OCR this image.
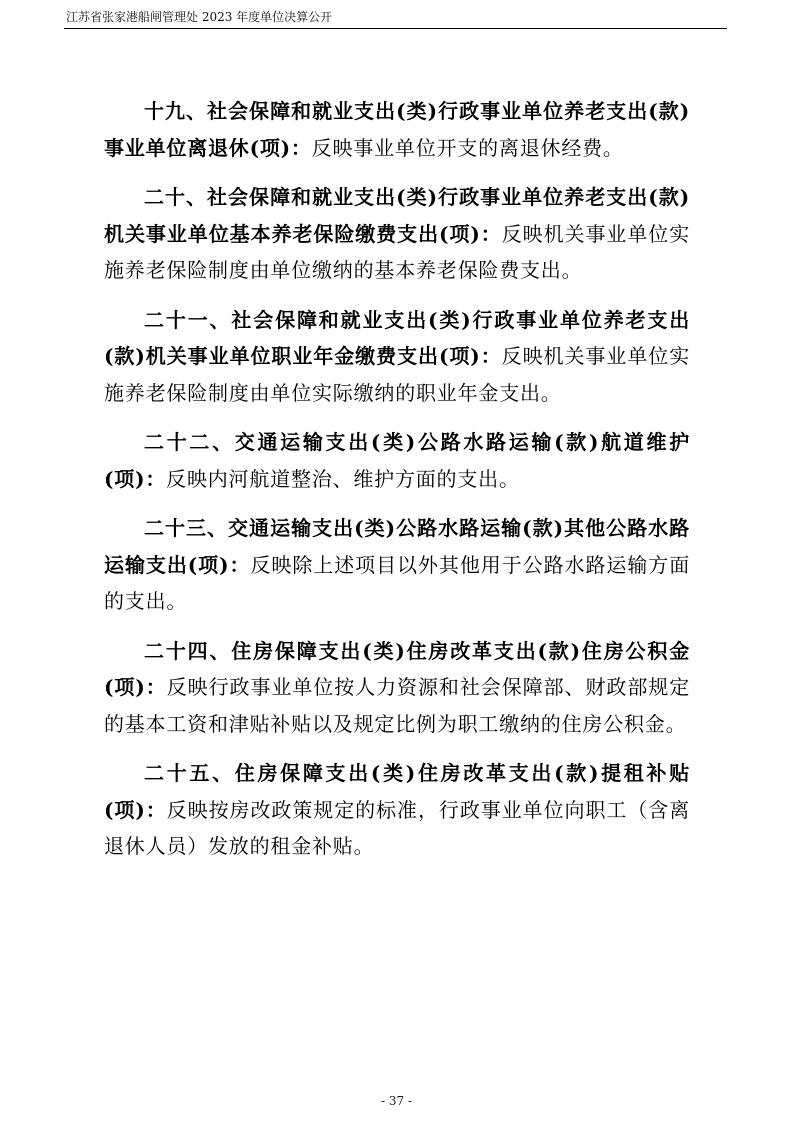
江苏省张家港船闸管理处 2023 年度单位决算公开

十九、社会保障和就业支出(类)行政事业单位养老支出(款)事业单位离退休(项)：反映事业单位开支的离退休经费。

二十、社会保障和就业支出(类)行政事业单位养老支出(款)机关事业单位基本养老保险缴费支出(项)：反映机关事业单位实施养老保险制度由单位缴纳的基本养老保险费支出。

二十一、社会保障和就业支出(类)行政事业单位养老支出(款)机关事业单位职业年金缴费支出(项)：反映机关事业单位实施养老保险制度由单位实际缴纳的职业年金支出。

二十二、交通运输支出(类)公路水路运输(款)航道维护(项)：反映内河航道整治、维护方面的支出。

二十三、交通运输支出(类)公路水路运输(款)其他公路水路运输支出(项)：反映除上述项目以外其他用于公路水路运输方面的支出。

二十四、住房保障支出(类)住房改革支出(款)住房公积金(项)：反映行政事业单位按人力资源和社会保障部、财政部规定的基本工资和津贴补贴以及规定比例为职工缴纳的住房公积金。

二十五、住房保障支出(类)住房改革支出(款)提租补贴(项)：反映按房改政策规定的标准，行政事业单位向职工（含离退休人员）发放的租金补贴。

- 37 -
